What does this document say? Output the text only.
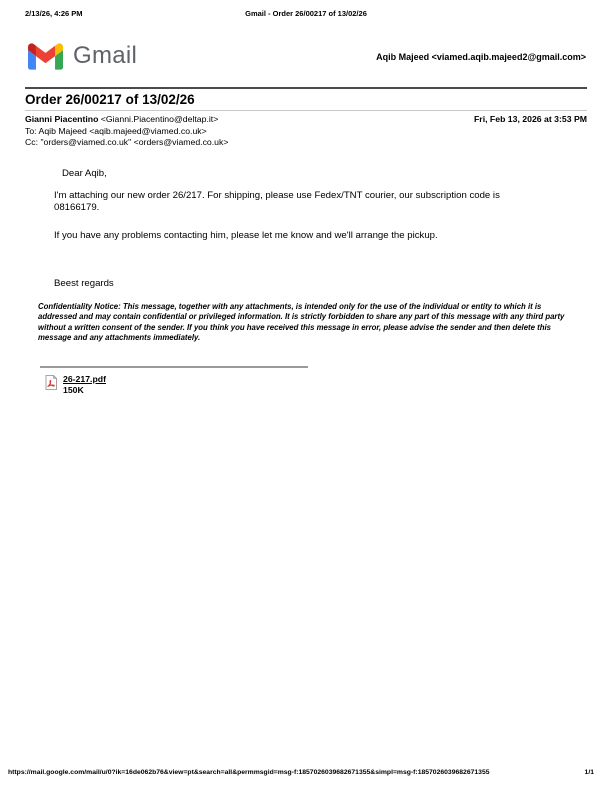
2/13/26, 4:26 PM	Gmail - Order 26/00217 of 13/02/26
Gmail	Aqib Majeed <viamed.aqib.majeed2@gmail.com>
Order 26/00217 of 13/02/26
Gianni Piacentino <Gianni.Piacentino@deltap.it>	Fri, Feb 13, 2026 at 3:53 PM
To: Aqib Majeed <aqib.majeed@viamed.co.uk>
Cc: "orders@viamed.co.uk" <orders@viamed.co.uk>

Dear Aqib,

I'm attaching our new order 26/217. For shipping, please use Fedex/TNT courier, our subscription code is 08166179.

If you have any problems contacting him, please let me know and we'll arrange the pickup.

Beest regards

Confidentiality Notice: This message, together with any attachments, is intended only for the use of the individual or entity to which it is
addressed and may contain confidential or privileged information. It is strictly forbidden to share any part of this message with any third party
without a written consent of the sender. If you think you have received this message in error, please advise the sender and then delete this
message and any attachments immediately.
26-217.pdf
150K
https://mail.google.com/mail/u/0?ik=16de062b76&view=pt&search=all&permmsgid=msg-f:1857026039682671355&simpl=msg-f:1857026039682671355	1/1
